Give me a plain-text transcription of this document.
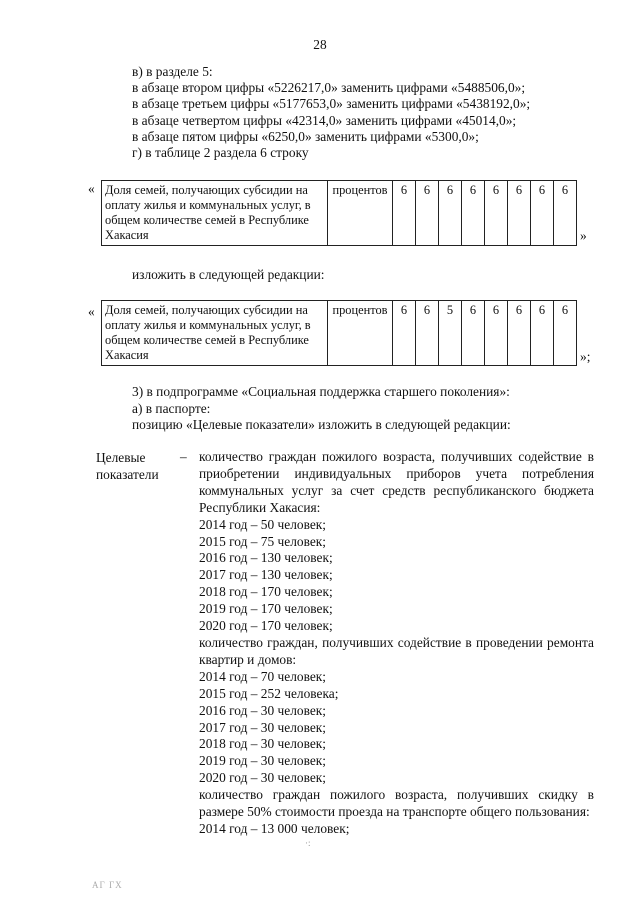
28
в) в разделе 5:
в абзаце втором цифры «5226217,0» заменить цифрами «5488506,0»;
в абзаце третьем цифры «5177653,0» заменить цифрами «5438192,0»;
в абзаце четвертом цифры «42314,0» заменить цифрами «45014,0»;
в абзаце пятом цифры «6250,0» заменить цифрами «5300,0»;
г) в таблице 2 раздела 6 строку
« Доля семей, получающих субсидии на оплату жилья и коммунальных услуг, в общем количестве семей в Республике Хакасия	процентов	6	6	6	6	6	6	6	6
»
изложить в следующей редакции:
« Доля семей, получающих субсидии на оплату жилья и коммунальных услуг, в общем количестве семей в Республике Хакасия	процентов	6	6	5	6	6	6	6	6
»;
3) в подпрограмме «Социальная поддержка старшего поколения»:
а) в паспорте:
позицию «Целевые показатели» изложить в следующей редакции:
Целевые
показатели
– количество граждан пожилого возраста, получивших содействие в приобретении индивидуальных приборов учета потребления коммунальных услуг за счет средств республиканского бюджета Республики Хакасия:
2014 год – 50 человек;
2015 год – 75 человек;
2016 год – 130 человек;
2017 год – 130 человек;
2018 год – 170 человек;
2019 год – 170 человек;
2020 год – 170 человек;
количество граждан, получивших содействие в проведении ремонта квартир и домов:
2014 год – 70 человек;
2015 год – 252 человека;
2016 год – 30 человек;
2017 год – 30 человек;
2018 год – 30 человек;
2019 год – 30 человек;
2020 год – 30 человек;
количество граждан пожилого возраста, получивших скидку в размере 50% стоимости проезда на транспорте общего пользования:
2014 год – 13 000 человек;
·:
АГ ГХ
